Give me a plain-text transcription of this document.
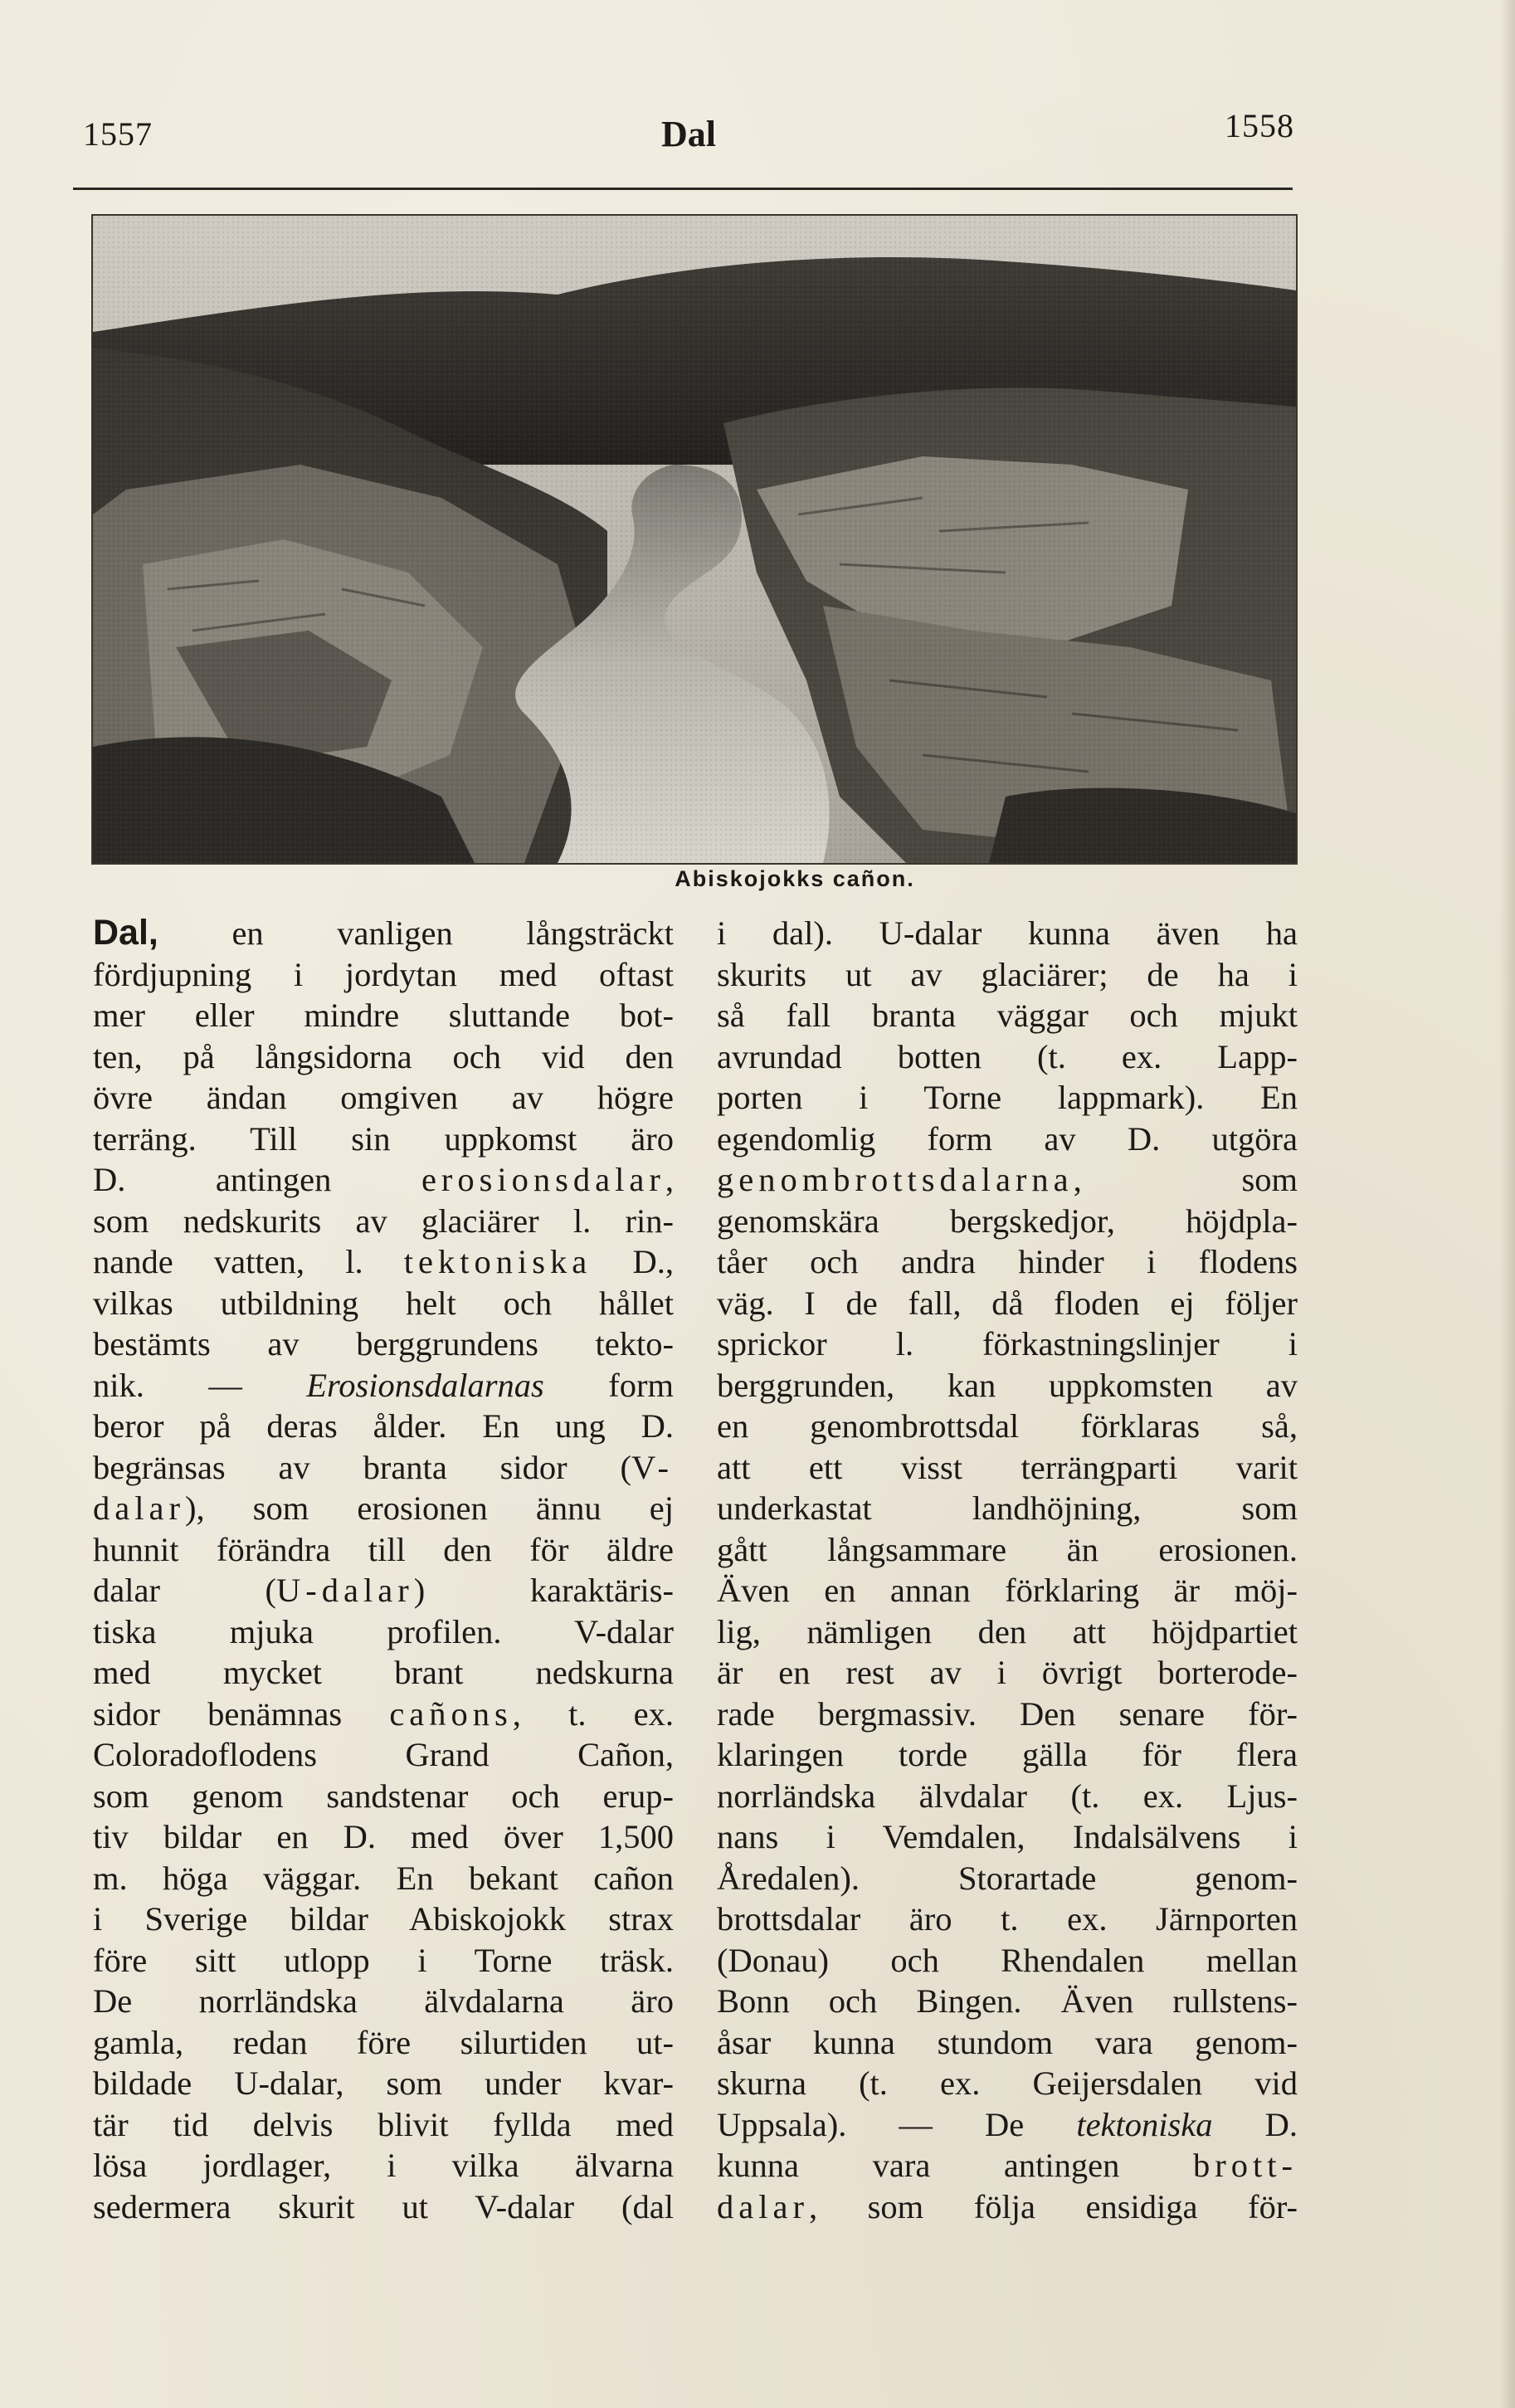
1557	Dal	1558
Abiskojokks cañon.
Dal, en vanligen långsträckt
fördjupning i jordytan med oftast
mer eller mindre sluttande bot-
ten, på långsidorna och vid den
övre ändan omgiven av högre
terräng. Till sin uppkomst äro
D. antingen erosionsdalar,
som nedskurits av glaciärer l. rin-
nande vatten, l. tektoniska D.,
vilkas utbildning helt och hållet
bestämts av berggrundens tekto-
nik. — Erosionsdalarnas form
beror på deras ålder. En ung D.
begränsas av branta sidor (V-
dalar), som erosionen ännu ej
hunnit förändra till den för äldre
dalar (U-dalar) karaktäris-
tiska mjuka profilen. V-dalar
med mycket brant nedskurna
sidor benämnas cañons, t. ex.
Coloradoflodens Grand Cañon,
som genom sandstenar och erup-
tiv bildar en D. med över 1,500
m. höga väggar. En bekant cañon
i Sverige bildar Abiskojokk strax
före sitt utlopp i Torne träsk.
De norrländska älvdalarna äro
gamla, redan före silurtiden ut-
bildade U-dalar, som under kvar-
tär tid delvis blivit fyllda med
lösa jordlager, i vilka älvarna
sedermera skurit ut V-dalar (dal
i dal). U-dalar kunna även ha
skurits ut av glaciärer; de ha i
så fall branta väggar och mjukt
avrundad botten (t. ex. Lapp-
porten i Torne lappmark). En
egendomlig form av D. utgöra
genombrottsdalarna, som
genomskära bergskedjor, höjdpla-
tåer och andra hinder i flodens
väg. I de fall, då floden ej följer
sprickor l. förkastningslinjer i
berggrunden, kan uppkomsten av
en genombrottsdal förklaras så,
att ett visst terrängparti varit
underkastat landhöjning, som
gått långsammare än erosionen.
Även en annan förklaring är möj-
lig, nämligen den att höjdpartiet
är en rest av i övrigt borterode-
rade bergmassiv. Den senare för-
klaringen torde gälla för flera
norrländska älvdalar (t. ex. Ljus-
nans i Vemdalen, Indalsälvens i
Åredalen). Storartade genom-
brottsdalar äro t. ex. Järnporten
(Donau) och Rhendalen mellan
Bonn och Bingen. Även rullstens-
åsar kunna stundom vara genom-
skurna (t. ex. Geijersdalen vid
Uppsala). — De tektoniska D.
kunna vara antingen brott-
dalar, som följa ensidiga för-
